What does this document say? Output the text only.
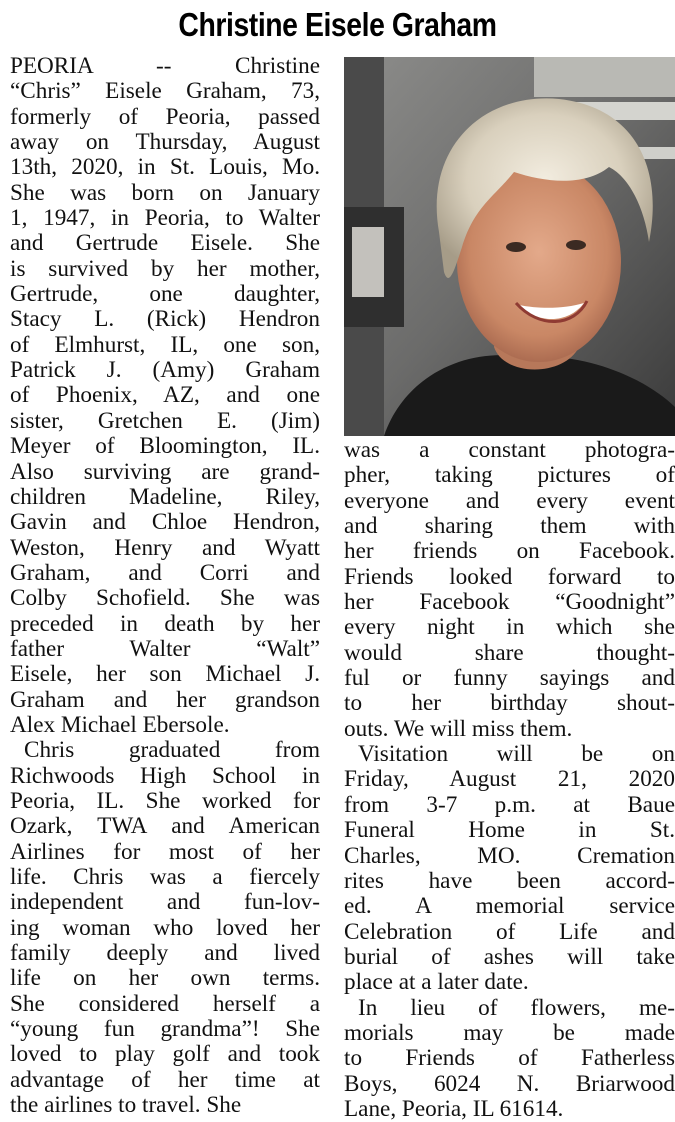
Christine Eisele Graham
PEORIA -- Christine
“Chris” Eisele Graham, 73,
formerly of Peoria, passed
away on Thursday, August
13th, 2020, in St. Louis, Mo.
She was born on January
1, 1947, in Peoria, to Walter
and Gertrude Eisele. She
is survived by her mother,
Gertrude, one daughter,
Stacy L. (Rick) Hendron
of Elmhurst, IL, one son,
Patrick J. (Amy) Graham
of Phoenix, AZ, and one
sister, Gretchen E. (Jim)
Meyer of Bloomington, IL.
Also surviving are grand-
children Madeline, Riley,
Gavin and Chloe Hendron,
Weston, Henry and Wyatt
Graham, and Corri and
Colby Schofield. She was
preceded in death by her
father Walter “Walt”
Eisele, her son Michael J.
Graham and her grandson
Alex Michael Ebersole.
Chris graduated from
Richwoods High School in
Peoria, IL. She worked for
Ozark, TWA and American
Airlines for most of her
life. Chris was a fiercely
independent and fun-lov-
ing woman who loved her
family deeply and lived
life on her own terms.
She considered herself a
“young fun grandma”! She
loved to play golf and took
advantage of her time at
the airlines to travel. She
was a constant photogra-
pher, taking pictures of
everyone and every event
and sharing them with
her friends on Facebook.
Friends looked forward to
her Facebook “Goodnight”
every night in which she
would share thought-
ful or funny sayings and
to her birthday shout-
outs. We will miss them.
Visitation will be on
Friday, August 21, 2020
from 3-7 p.m. at Baue
Funeral Home in St.
Charles, MO. Cremation
rites have been accord-
ed. A memorial service
Celebration of Life and
burial of ashes will take
place at a later date.
In lieu of flowers, me-
morials may be made
to Friends of Fatherless
Boys, 6024 N. Briarwood
Lane, Peoria, IL 61614.
